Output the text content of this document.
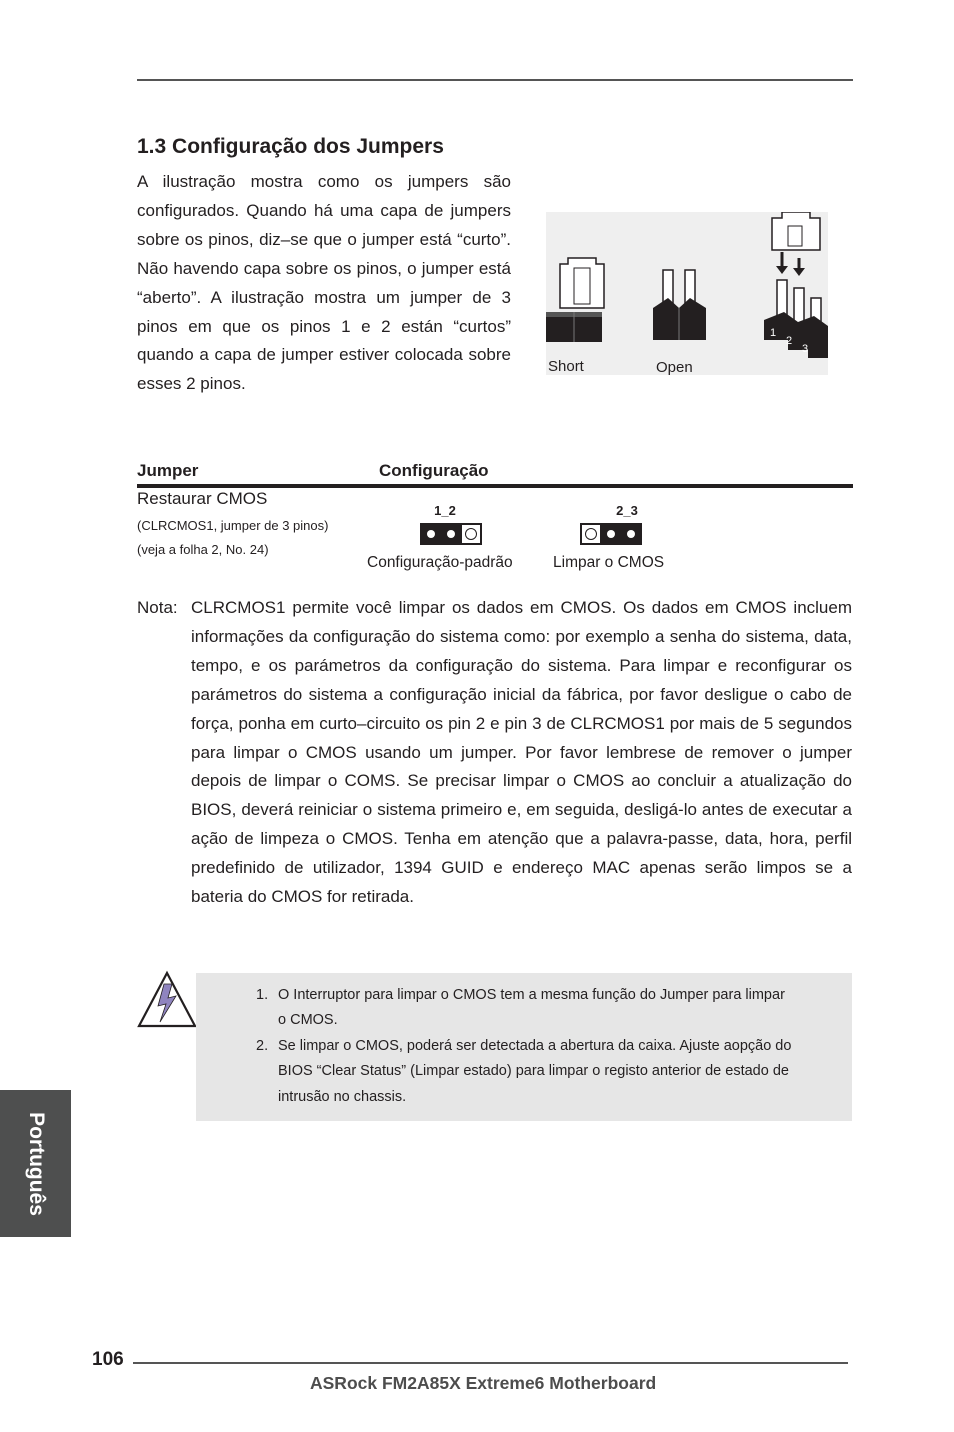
1.3 Configuração dos Jumpers
A ilustração mostra como os jumpers são configurados. Quando há uma capa de jumpers sobre os pinos, diz–se que o jumper está “curto”. Não havendo capa sobre os pinos, o jumper está “aberto”. A ilustração mostra um jumper de 3 pinos em que os pinos 1 e 2 están “curtos” quando a capa de jumper estiver colocada sobre esses 2 pinos.
1
2
3
Short	Open
Jumper	Configuração
Restaurar CMOS
(CLRCMOS1, jumper de 3 pinos)
(veja a folha 2, No. 24)
1_2	2_3
Configuração-padrão	Limpar o CMOS
Nota: CLRCMOS1 permite você limpar os dados em CMOS. Os dados em CMOS incluem informações da configuração do sistema como: por exemplo a senha do sistema, data, tempo, e os parámetros da configuração do sistema. Para limpar e reconfigurar os parámetros do sistema a configuração inicial da fábrica, por favor desligue o cabo de força, ponha em curto–circuito os pin 2 e pin 3 de CLRCMOS1 por mais de 5 segundos para limpar o CMOS usando um jumper. Por favor lembrese de remover o jumper depois de limpar o COMS. Se precisar limpar o CMOS ao concluir a atualização do BIOS, deverá reiniciar o sistema primeiro e, em seguida, desligá-lo antes de executar a ação de limpeza o CMOS. Tenha em atenção que a palavra-passe, data, hora, perfil predefinido de utilizador, 1394 GUID e endereço MAC apenas serão limpos se a bateria do CMOS for retirada.
1. O Interruptor para limpar o CMOS tem a mesma função do Jumper para limpar o CMOS.
2. Se limpar o CMOS, poderá ser detectada a abertura da caixa. Ajuste aopção do BIOS “Clear Status” (Limpar estado) para limpar o registo anterior de estado de intrusão no chassis.
Português
106
ASRock FM2A85X Extreme6 Motherboard
